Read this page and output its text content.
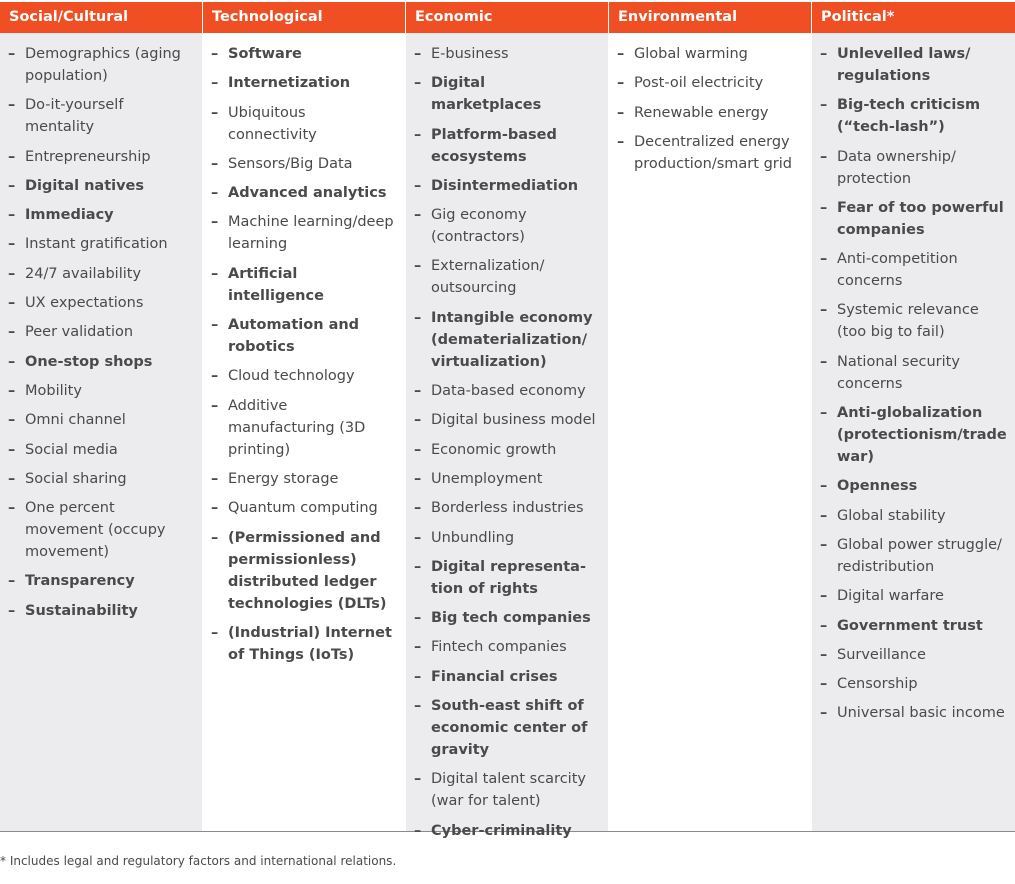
Social/Cultural
– Demographics (aging population)
– Do-it-yourself mentality
– Entrepreneurship
– Digital natives
– Immediacy
– Instant gratification
– 24/7 availability
– UX expectations
– Peer validation
– One-stop shops
– Mobility
– Omni channel
– Social media
– Social sharing
– One percent movement (occupy movement)
– Transparency
– Sustainability
Technological
– Software
– Internetization
– Ubiquitous connectivity
– Sensors/Big Data
– Advanced analytics
– Machine learning/deep learning
– Artificial intelligence
– Automation and robotics
– Cloud technology
– Additive manufacturing (3D printing)
– Energy storage
– Quantum computing
– (Permissioned and permissionless) distributed ledger technologies (DLTs)
– (Industrial) Internet of Things (IoTs)
Economic
– E-business
– Digital marketplaces
– Platform-based ecosystems
– Disintermediation
– Gig economy (contractors)
– Externalization/ outsourcing
– Intangible economy (dematerialization/ virtualization)
– Data-based economy
– Digital business model
– Economic growth
– Unemployment
– Borderless industries
– Unbundling
– Digital representa-tion of rights
– Big tech companies
– Fintech companies
– Financial crises
– South-east shift of economic center of gravity
– Digital talent scarcity (war for talent)
– Cyber-criminality
Environmental
– Global warming
– Post-oil electricity
– Renewable energy
– Decentralized energy production/smart grid
Political*
– Unlevelled laws/ regulations
– Big-tech criticism (“tech-lash”)
– Data ownership/ protection
– Fear of too powerful companies
– Anti-competition concerns
– Systemic relevance (too big to fail)
– National security concerns
– Anti-globalization (protectionism/trade war)
– Openness
– Global stability
– Global power struggle/ redistribution
– Digital warfare
– Government trust
– Surveillance
– Censorship
– Universal basic income
* Includes legal and regulatory factors and international relations.
